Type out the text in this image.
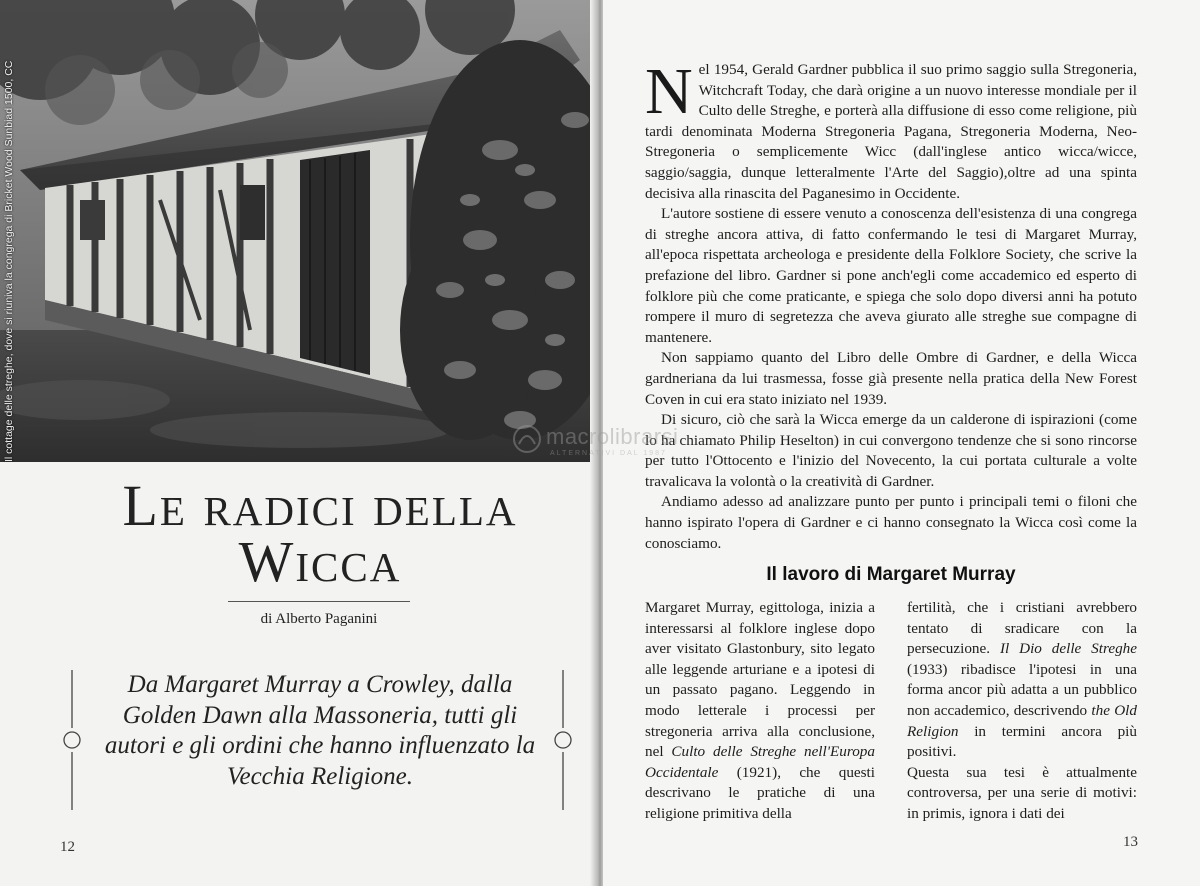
Il cottage delle streghe, dove si riuniva la congrega di Bricket Wood Sunbiad 1500, CC
Le radici della
Wicca
di Alberto Paganini
Da Margaret Murray a Crowley, dalla Golden Dawn alla Massoneria, tutti gli autori e gli ordini che hanno influenzato la Vecchia Religione.
12

Nel 1954, Gerald Gardner pubblica il suo primo saggio sulla Stregoneria, Witchcraft Today, che darà origine a un nuovo interesse mondiale per il Culto delle Streghe, e porterà alla diffusione di esso come religione, più tardi denominata Moderna Stregoneria Pagana, Stregoneria Moderna, Neo-Stregoneria o semplicemente Wicc (dall'inglese antico wicca/wicce, saggio/saggia, dunque letteralmente l'Arte del Saggio),oltre ad una spinta decisiva alla rinascita del Paganesimo in Occidente.

L'autore sostiene di essere venuto a conoscenza dell'esistenza di una congrega di streghe ancora attiva, di fatto confermando le tesi di Margaret Murray, all'epoca rispettata archeologa e presidente della Folklore Society, che scrive la prefazione del libro. Gardner si pone anch'egli come accademico ed esperto di folklore più che come praticante, e spiega che solo dopo diversi anni ha potuto rompere il muro di segretezza che aveva giurato alle streghe sue compagne di mantenere.

Non sappiamo quanto del Libro delle Ombre di Gardner, e della Wicca gardneriana da lui trasmessa, fosse già presente nella pratica della New Forest Coven in cui era stato iniziato nel 1939.

Di sicuro, ciò che sarà la Wicca emerge da un calderone di ispirazioni (come lo ha chiamato Philip Heselton) in cui convergono tendenze che si sono rincorse per tutto l'Ottocento e l'inizio del Novecento, la cui portata culturale a volte travalicava la volontà o la creatività di Gardner.

Andiamo adesso ad analizzare punto per punto i principali temi o filoni che hanno ispirato l'opera di Gardner e ci hanno consegnato la Wicca così come la conosciamo.

Il lavoro di Margaret Murray

Margaret Murray, egittologa, inizia a interessarsi al folklore inglese dopo aver visitato Glastonbury, sito legato alle leggende arturiane e a ipotesi di un passato pagano. Leggendo in modo letterale i processi per stregoneria arriva alla conclusione, nel Culto delle Streghe nell'Europa Occidentale (1921), che questi descrivano le pratiche di una religione primitiva della

fertilità, che i cristiani avrebbero tentato di sradicare con la persecuzione. Il Dio delle Streghe (1933) ribadisce l'ipotesi in una forma ancor più adatta a un pubblico non accademico, descrivendo the Old Religion in termini ancora più positivi.

Questa sua tesi è attualmente controversa, per una serie di motivi: in primis, ignora i dati dei

13
macrolibrarsi
ALTERNATIVI DAL 1987
